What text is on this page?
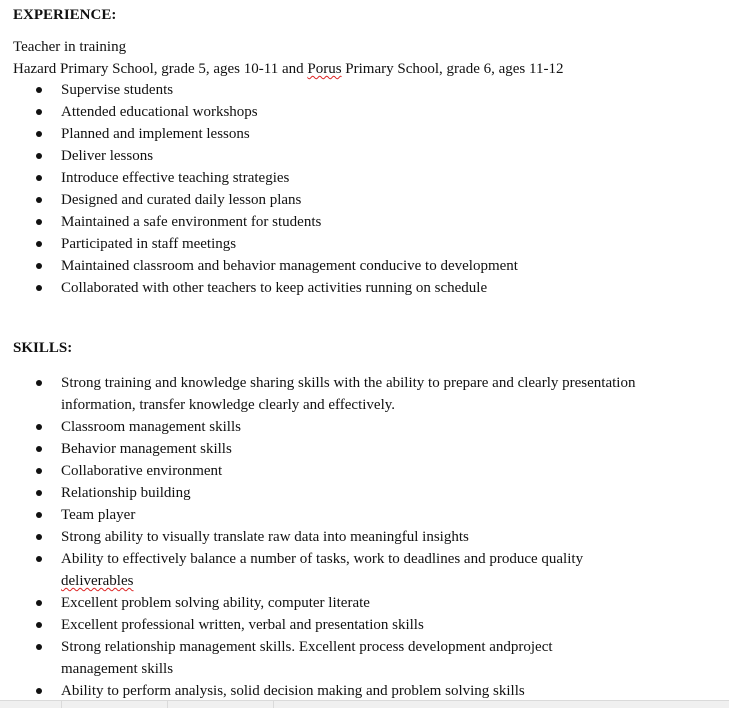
EXPERIENCE:
Teacher in training
Hazard Primary School, grade 5, ages 10-11 and Porus Primary School, grade 6, ages 11-12
Supervise students
Attended educational workshops
Planned and implement lessons
Deliver lessons
Introduce effective teaching strategies
Designed and curated daily lesson plans
Maintained a safe environment for students
Participated in staff meetings
Maintained classroom and behavior management conducive to development
Collaborated with other teachers to keep activities running on schedule
SKILLS:
Strong training and knowledge sharing skills with the ability to prepare and clearly presentation information, transfer knowledge clearly and effectively.
Classroom management skills
Behavior management skills
Collaborative environment
Relationship building
Team player
Strong ability to visually translate raw data into meaningful insights
Ability to effectively balance a number of tasks, work to deadlines and produce quality deliverables
Excellent problem solving ability, computer literate
Excellent professional written, verbal and presentation skills
Strong relationship management skills. Excellent process development andproject management skills
Ability to perform analysis, solid decision making and problem solving skills
